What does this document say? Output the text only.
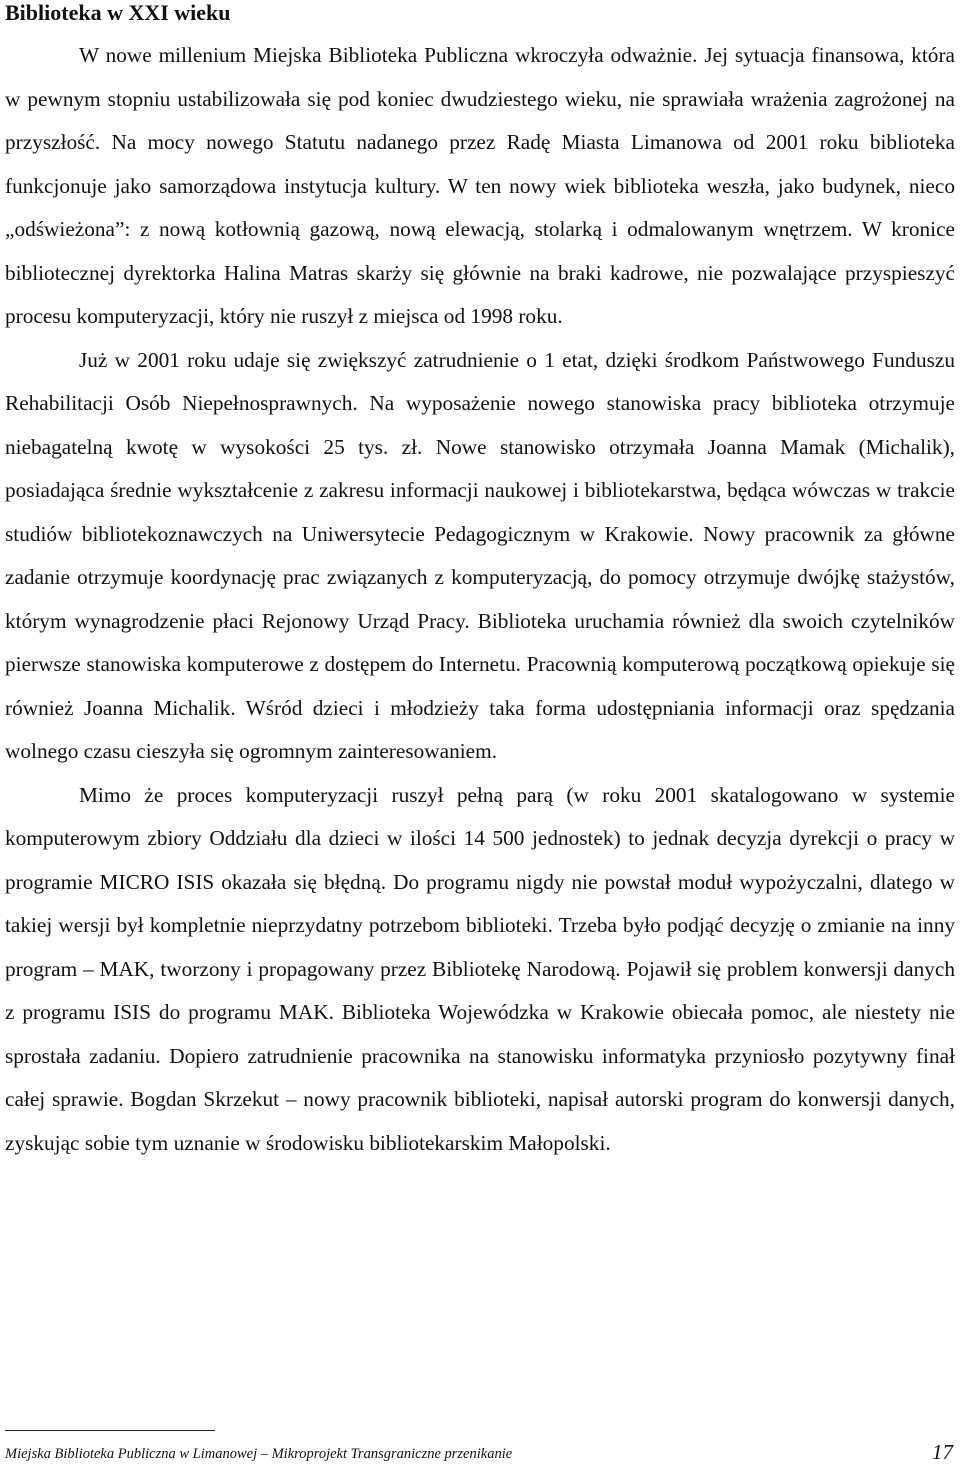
Biblioteka w XXI wieku

W nowe millenium Miejska Biblioteka Publiczna wkroczyła odważnie. Jej sytuacja finansowa, która w pewnym stopniu ustabilizowała się pod koniec dwudziestego wieku, nie sprawiała wrażenia zagrożonej na przyszłość. Na mocy nowego Statutu nadanego przez Radę Miasta Limanowa od 2001 roku biblioteka funkcjonuje jako samorządowa instytucja kultury. W ten nowy wiek biblioteka weszła, jako budynek, nieco „odświeżona”: z nową kotłownią gazową, nową elewacją, stolarką i odmalowanym wnętrzem. W kronice bibliotecznej dyrektorka Halina Matras skarży się głównie na braki kadrowe, nie pozwalające przyspieszyć procesu komputeryzacji, który nie ruszył z miejsca od 1998 roku.

Już w 2001 roku udaje się zwiększyć zatrudnienie o 1 etat, dzięki środkom Państwowego Funduszu Rehabilitacji Osób Niepełnosprawnych. Na wyposażenie nowego stanowiska pracy biblioteka otrzymuje niebagatelną kwotę w wysokości 25 tys. zł. Nowe stanowisko otrzymała Joanna Mamak (Michalik), posiadająca średnie wykształcenie z zakresu informacji naukowej i bibliotekarstwa, będąca wówczas w trakcie studiów bibliotekoznawczych na Uniwersytecie Pedagogicznym w Krakowie. Nowy pracownik za główne zadanie otrzymuje koordynację prac związanych z komputeryzacją, do pomocy otrzymuje dwójkę stażystów, którym wynagrodzenie płaci Rejonowy Urząd Pracy. Biblioteka uruchamia również dla swoich czytelników pierwsze stanowiska komputerowe z dostępem do Internetu. Pracownią komputerową początkową opiekuje się również Joanna Michalik. Wśród dzieci i młodzieży taka forma udostępniania informacji oraz spędzania wolnego czasu cieszyła się ogromnym zainteresowaniem.

Mimo że proces komputeryzacji ruszył pełną parą (w roku 2001 skatalogowano w systemie komputerowym zbiory Oddziału dla dzieci w ilości 14 500 jednostek) to jednak decyzja dyrekcji o pracy w programie MICRO ISIS okazała się błędną. Do programu nigdy nie powstał moduł wypożyczalni, dlatego w takiej wersji był kompletnie nieprzydatny potrzebom biblioteki. Trzeba było podjąć decyzję o zmianie na inny program – MAK, tworzony i propagowany przez Bibliotekę Narodową. Pojawił się problem konwersji danych z programu ISIS do programu MAK. Biblioteka Wojewódzka w Krakowie obiecała pomoc, ale niestety nie sprostała zadaniu. Dopiero zatrudnienie pracownika na stanowisku informatyka przyniosło pozytywny finał całej sprawie. Bogdan Skrzekut – nowy pracownik biblioteki, napisał autorski program do konwersji danych, zyskując sobie tym uznanie w środowisku bibliotekarskim Małopolski.

Miejska Biblioteka Publiczna w Limanowej – Mikroprojekt Transgraniczne przenikanie	17
